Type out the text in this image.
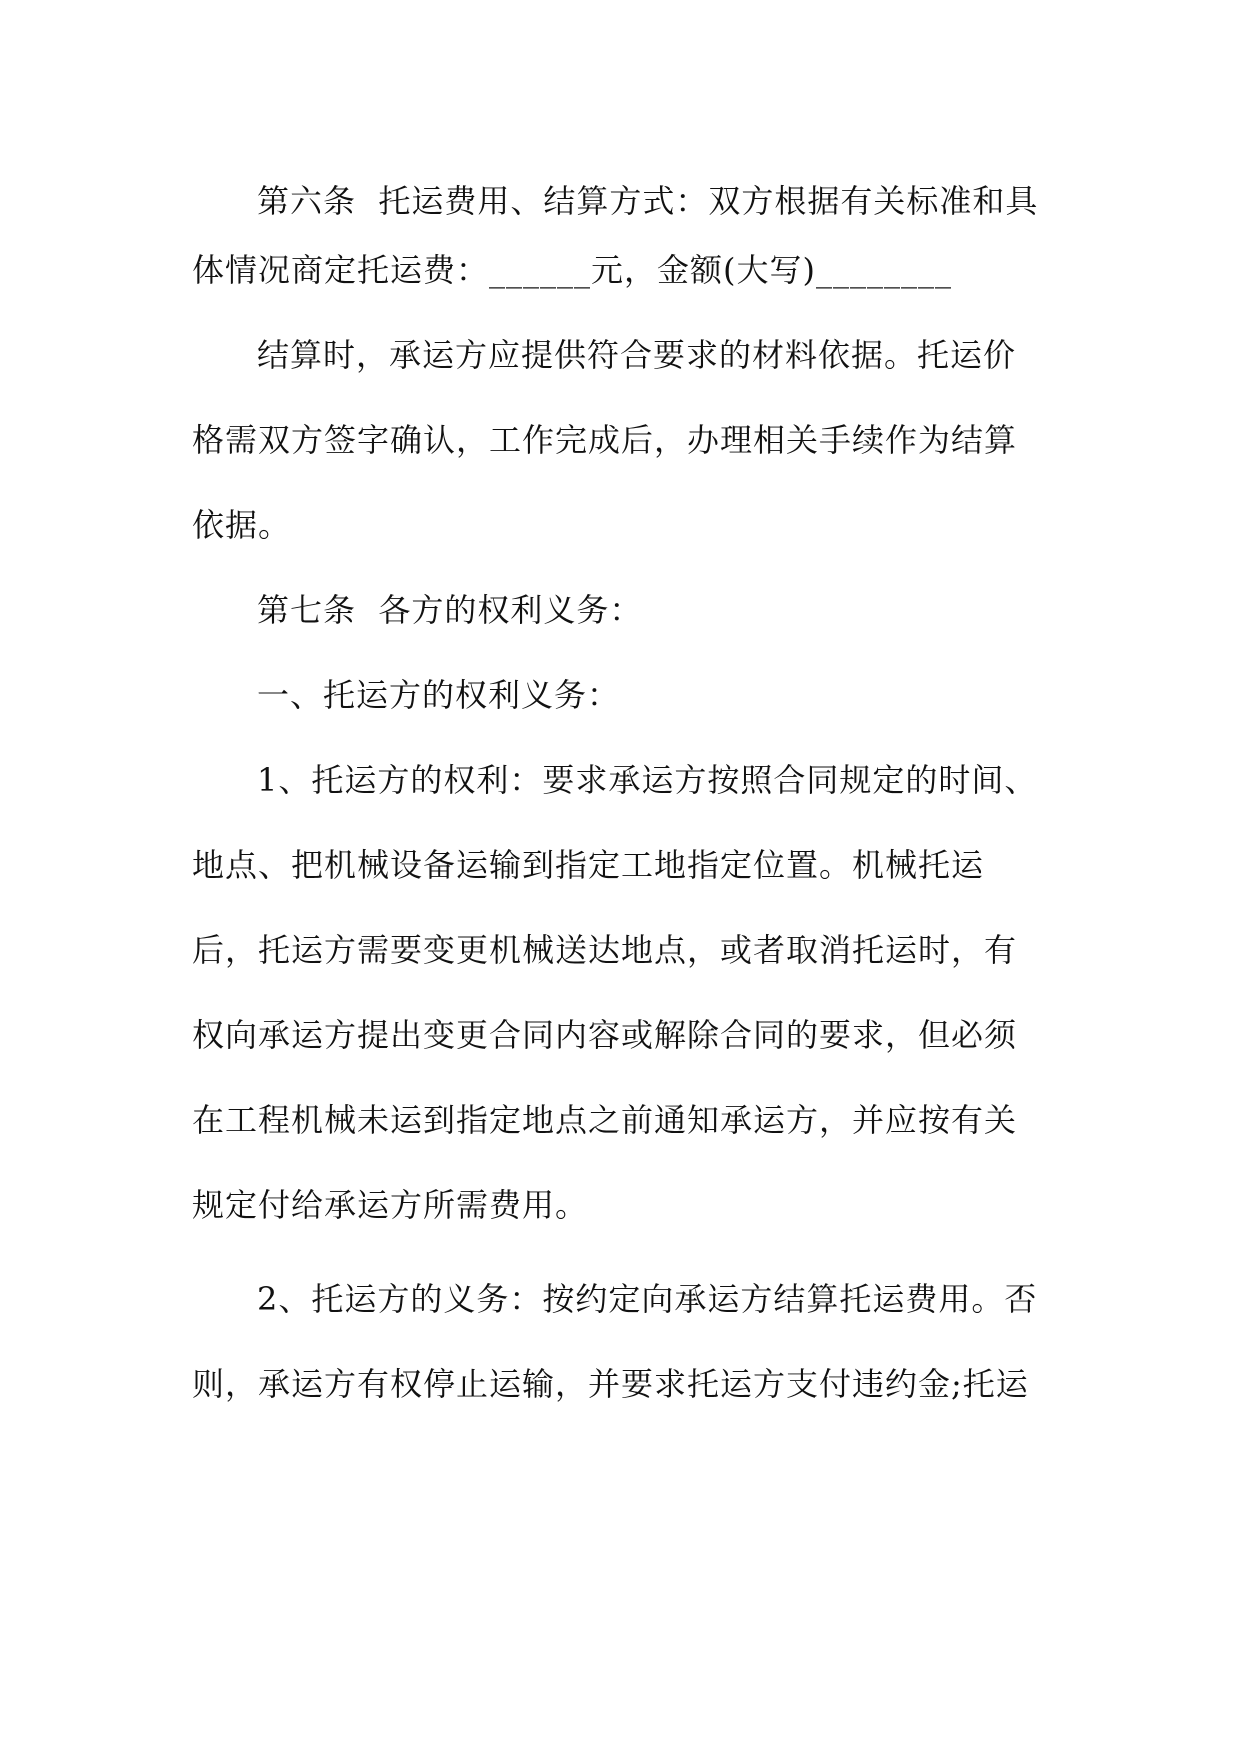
第六条  托运费用、结算方式：双方根据有关标准和具
体情况商定托运费：______元，金额(大写)________
结算时，承运方应提供符合要求的材料依据。托运价
格需双方签字确认，工作完成后，办理相关手续作为结算
依据。
第七条  各方的权利义务：
一、托运方的权利义务：
1、托运方的权利：要求承运方按照合同规定的时间、
地点、把机械设备运输到指定工地指定位置。机械托运
后，托运方需要变更机械送达地点，或者取消托运时，有
权向承运方提出变更合同内容或解除合同的要求，但必须
在工程机械未运到指定地点之前通知承运方，并应按有关
规定付给承运方所需费用。
2、托运方的义务：按约定向承运方结算托运费用。否
则，承运方有权停止运输，并要求托运方支付违约金;托运
